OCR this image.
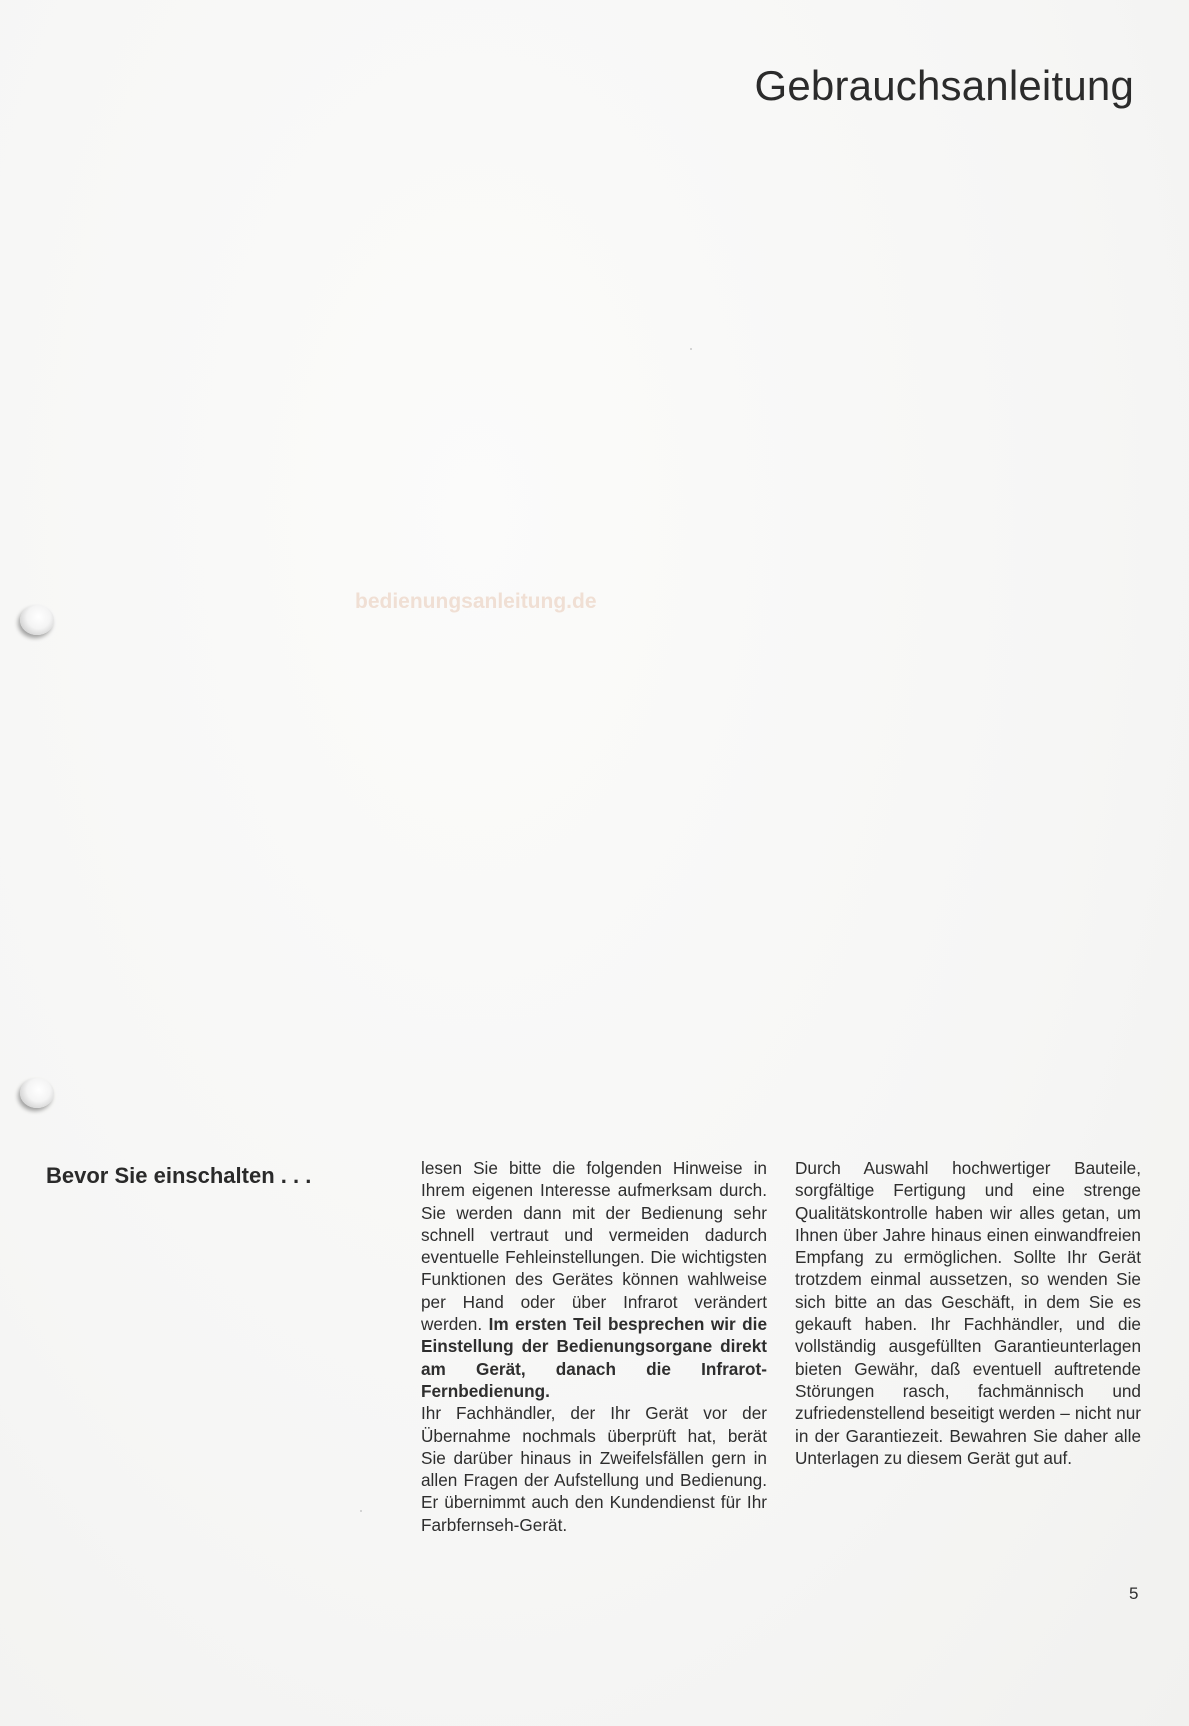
Gebrauchsanleitung
bedienungsanleitung.de
Bevor Sie einschalten . . .	lesen Sie bitte die folgenden Hinweise in Ihrem eigenen Interesse aufmerksam durch. Sie werden dann mit der Bedienung sehr schnell vertraut und vermeiden dadurch eventuelle Fehleinstellungen. Die wichtigsten Funktionen des Gerätes können wahlweise per Hand oder über Infrarot verändert werden. Im ersten Teil besprechen wir die Einstellung der Bedienungsorgane direkt am Gerät, danach die Infrarot-Fernbedienung.

Ihr Fachhändler, der Ihr Gerät vor der Übernahme nochmals überprüft hat, berät Sie darüber hinaus in Zweifelsfällen gern in allen Fragen der Aufstellung und Bedienung. Er übernimmt auch den Kundendienst für Ihr Farbfernseh-Gerät.

Durch Auswahl hochwertiger Bauteile, sorgfältige Fertigung und eine strenge Qualitätskontrolle haben wir alles getan, um Ihnen über Jahre hinaus einen einwandfreien Empfang zu ermöglichen. Sollte Ihr Gerät trotzdem einmal aussetzen, so wenden Sie sich bitte an das Geschäft, in dem Sie es gekauft haben. Ihr Fachhändler, und die vollständig ausgefüllten Garantieunterlagen bieten Gewähr, daß eventuell auftretende Störungen rasch, fachmännisch und zufriedenstellend beseitigt werden – nicht nur in der Garantiezeit. Bewahren Sie daher alle Unterlagen zu diesem Gerät gut auf.

5
